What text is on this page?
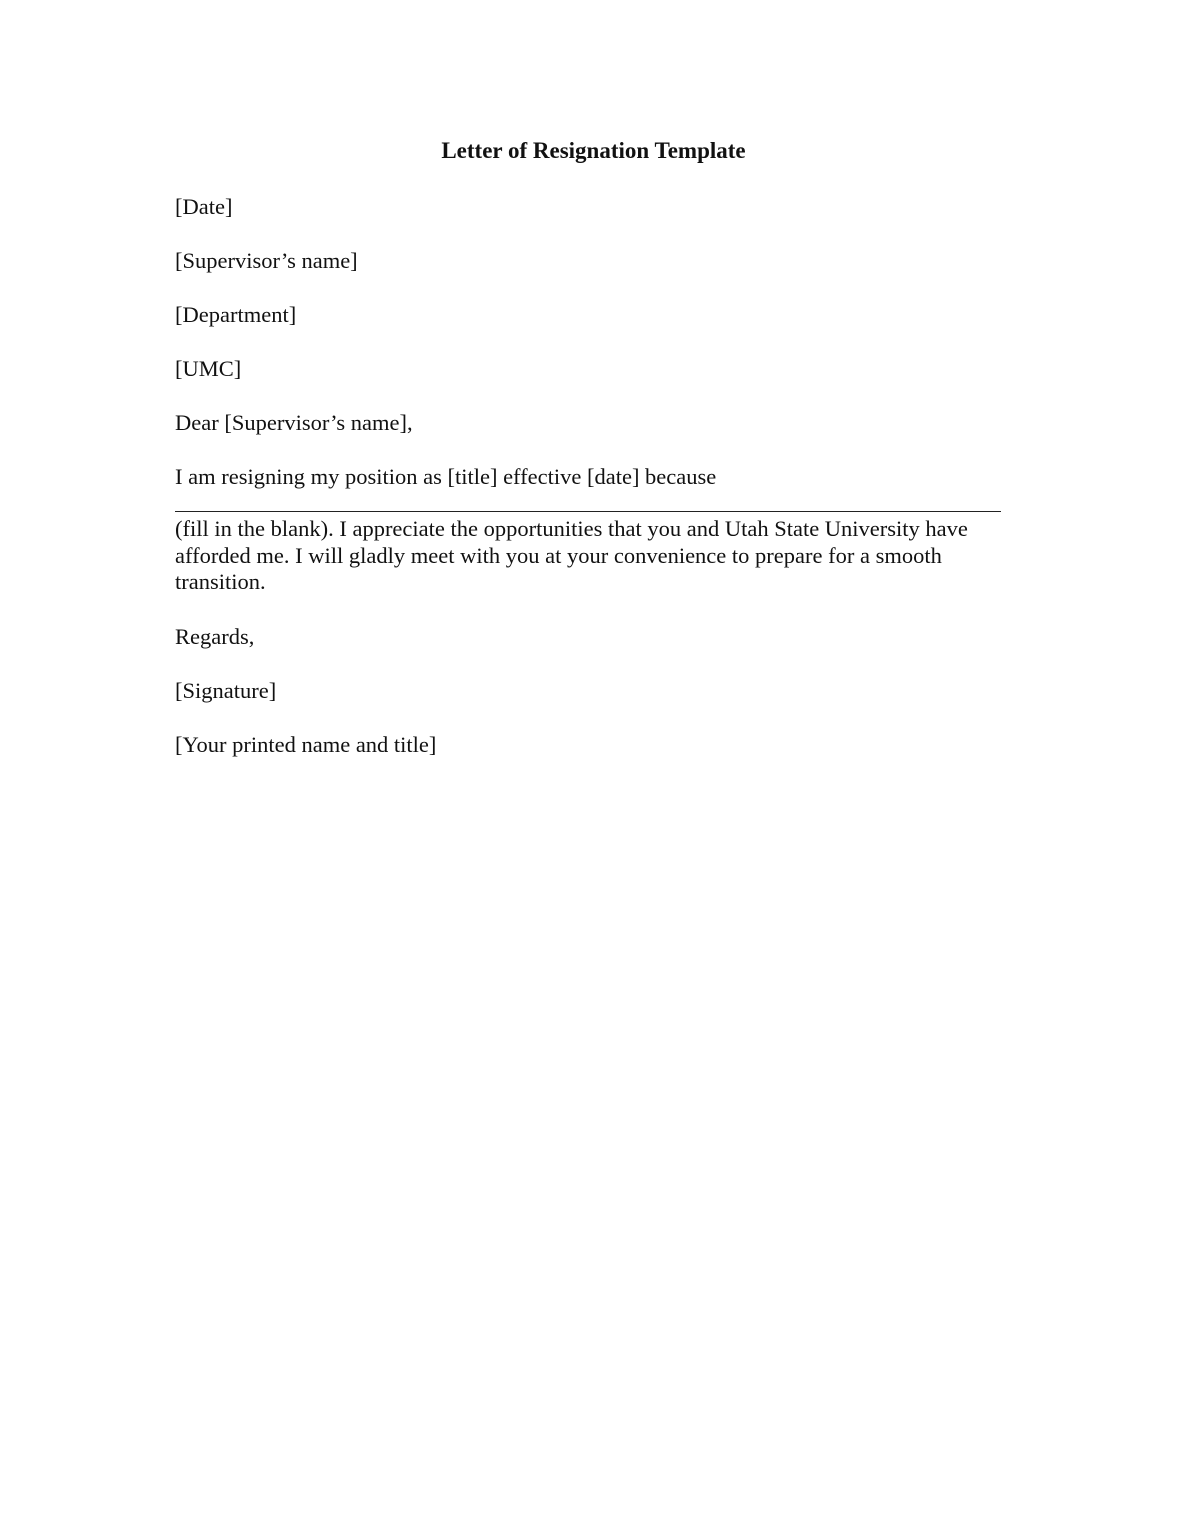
Letter of Resignation Template
[Date]
[Supervisor’s name]
[Department]
[UMC]
Dear [Supervisor’s name],
I am resigning my position as [title] effective [date] because
(fill in the blank). I appreciate the opportunities that you and Utah State University have
afforded me. I will gladly meet with you at your convenience to prepare for a smooth
transition.
Regards,
[Signature]
[Your printed name and title]
